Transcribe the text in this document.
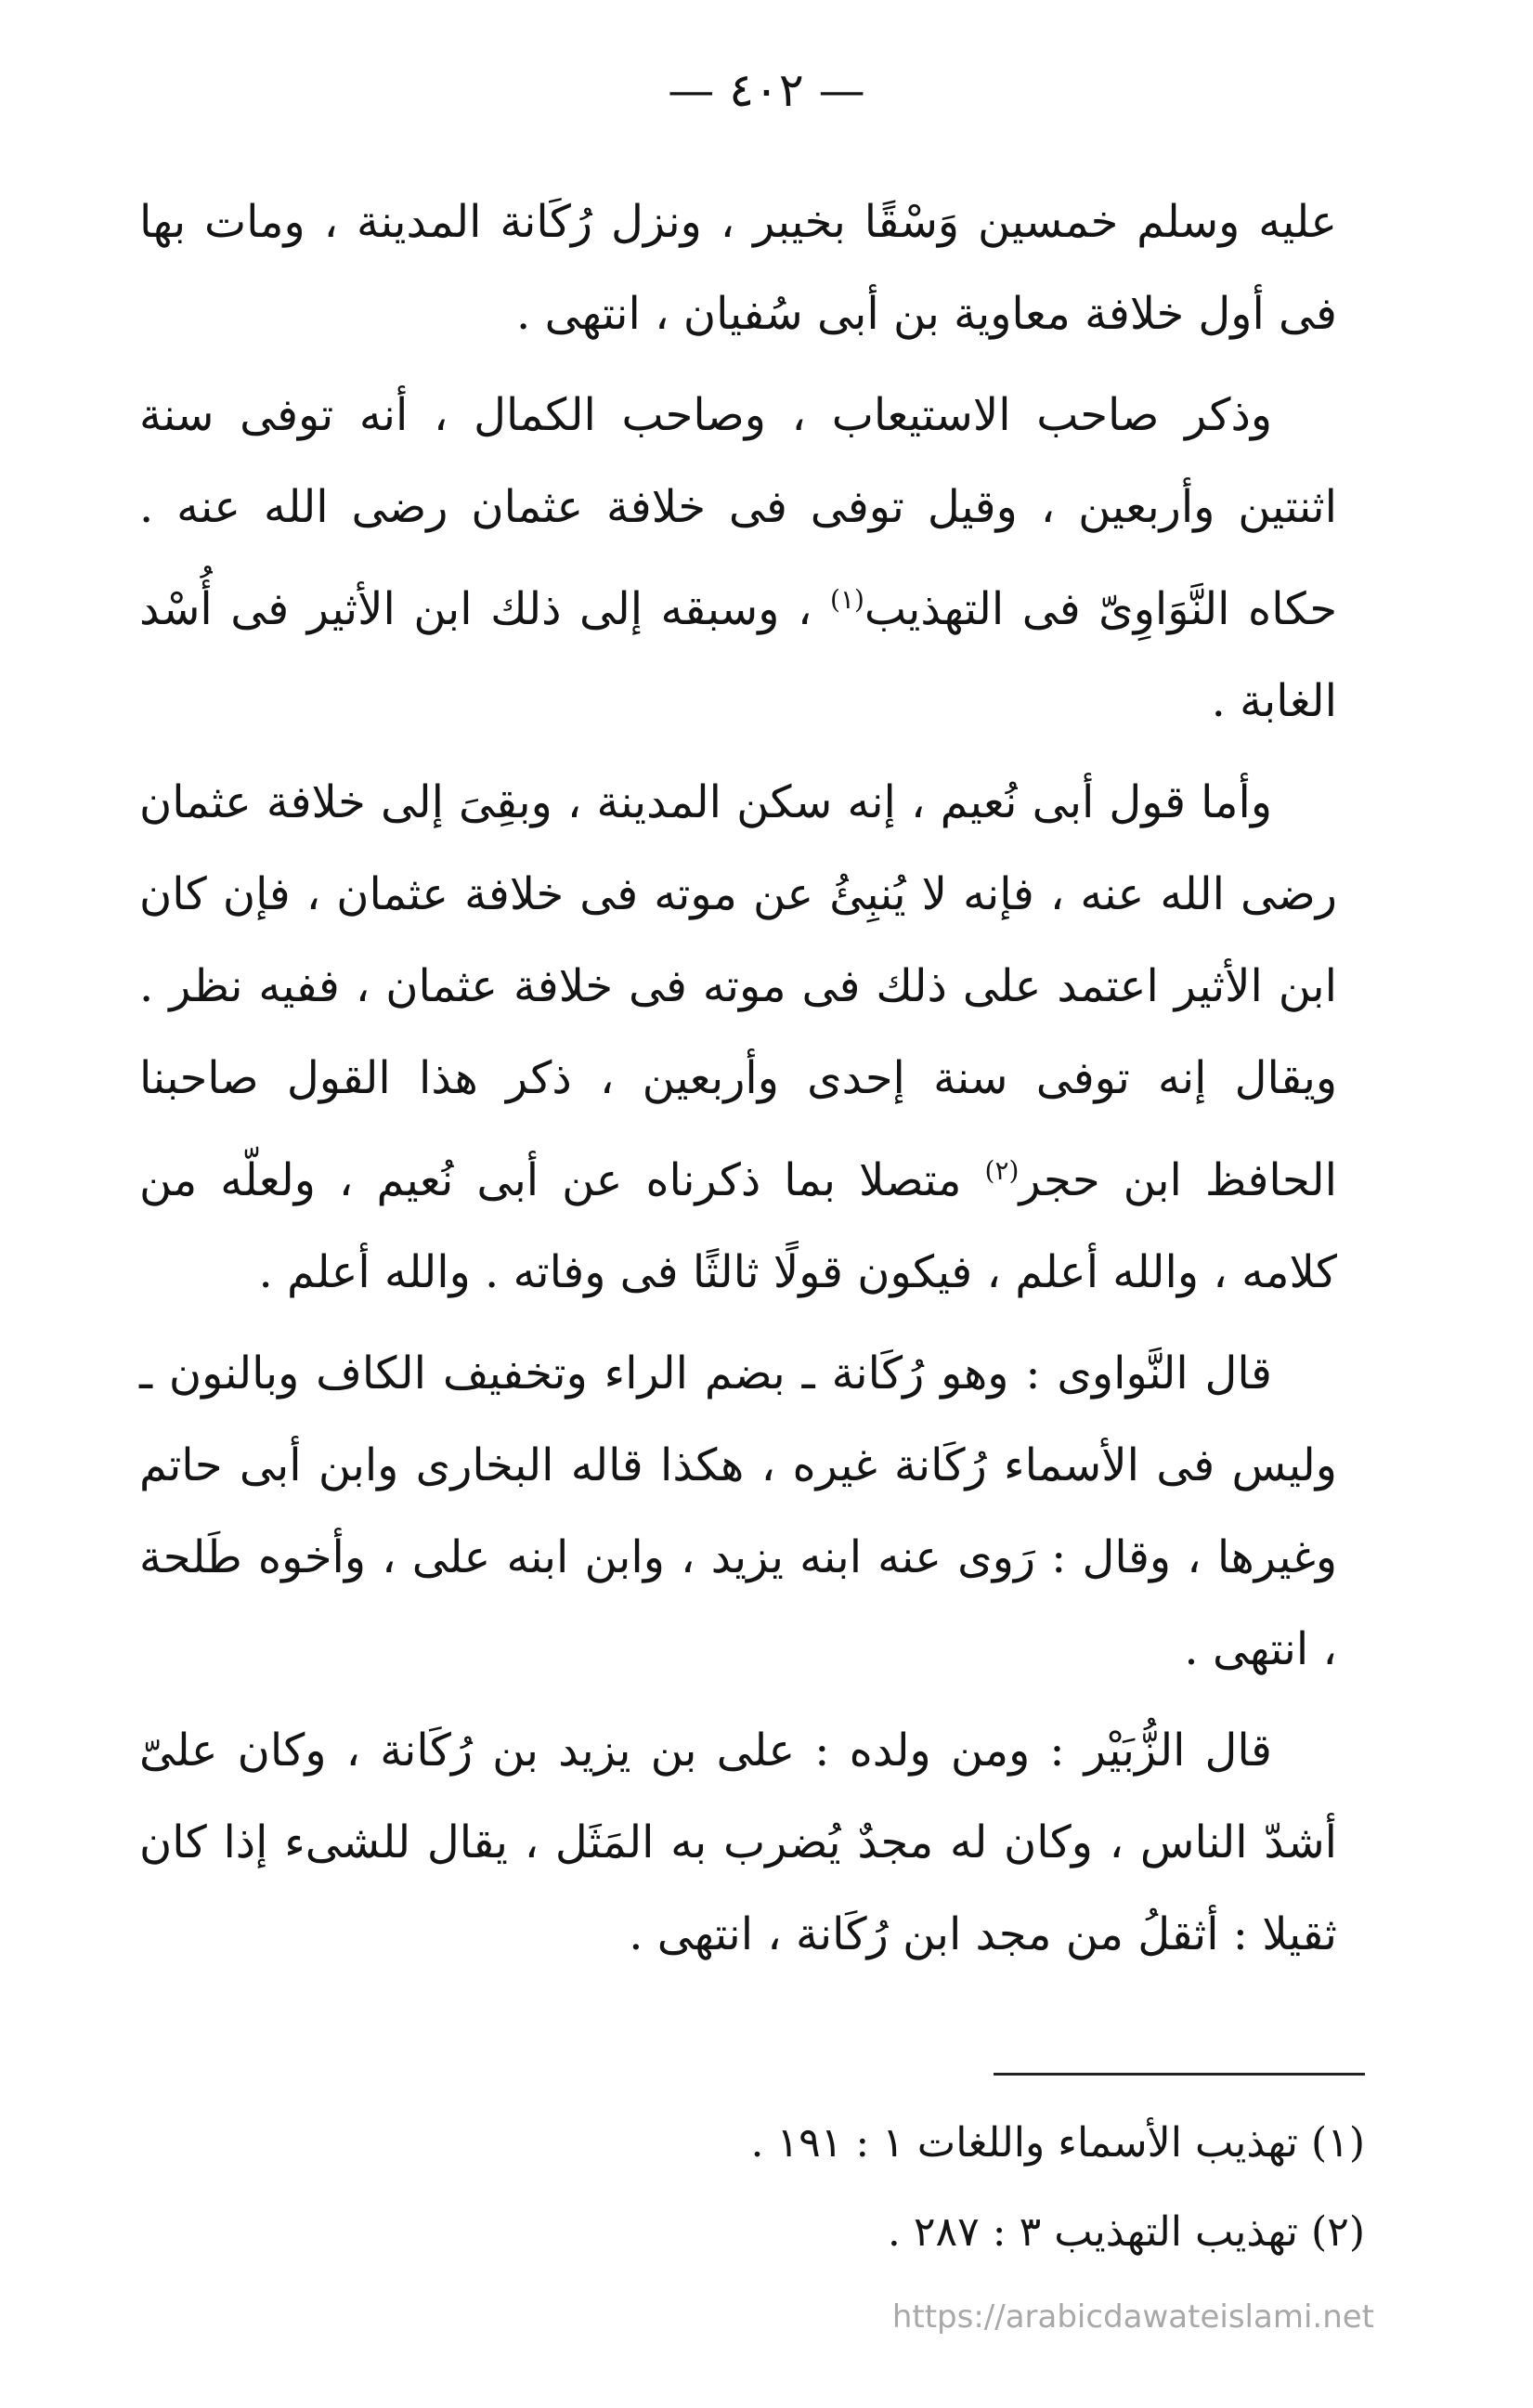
— ٤٠٢ —

عليه وسلم خمسين وَسْقًا بخيبر ، ونزل رُكَانة المدينة ، ومات بها فى أول خلافة معاوية بن أبى سُفيان ، انتهى .

وذكر صاحب الاستيعاب ، وصاحب الكمال ، أنه توفى سنة اثنتين وأربعين ، وقيل توفى فى خلافة عثمان رضى الله عنه . حكاه النَّوَاوِىّ فى التهذيب$^{(١)}$ ، وسبقه إلى ذلك ابن الأثير فى أُسْد الغابة .

وأما قول أبى نُعيم ، إنه سكن المدينة ، وبقِىَ إلى خلافة عثمان رضى الله عنه ، فإنه لا يُنبِئُ عن موته فى خلافة عثمان ، فإن كان ابن الأثير اعتمد على ذلك فى موته فى خلافة عثمان ، ففيه نظر . ويقال إنه توفى سنة إحدى وأربعين ، ذكر هذا القول صاحبنا الحافظ ابن حجر$^{(٢)}$ متصلا بما ذكرناه عن أبى نُعيم ، ولعلّه من كلامه ، والله أعلم ، فيكون قولًا ثالثًا فى وفاته . والله أعلم .

قال النَّواوى : وهو رُكَانة ـ بضم الراء وتخفيف الكاف وبالنون ـ وليس فى الأسماء رُكَانة غيره ، هكذا قاله البخارى وابن أبى حاتم وغيرها ، وقال : رَوى عنه ابنه يزيد ، وابن ابنه على ، وأخوه طَلحة ، انتهى .

قال الزُّبَيْر : ومن ولده : على بن يزيد بن رُكَانة ، وكان علىّ أشدّ الناس ، وكان له مجدٌ يُضرب به المَثَل ، يقال للشىء إذا كان ثقيلا : أثقلُ من مجد ابن رُكَانة ، انتهى .

(١) تهذيب الأسماء واللغات ١ : ١٩١ .
(٢) تهذيب التهذيب ٣ : ٢٨٧ .
https://arabicdawateislami.net
